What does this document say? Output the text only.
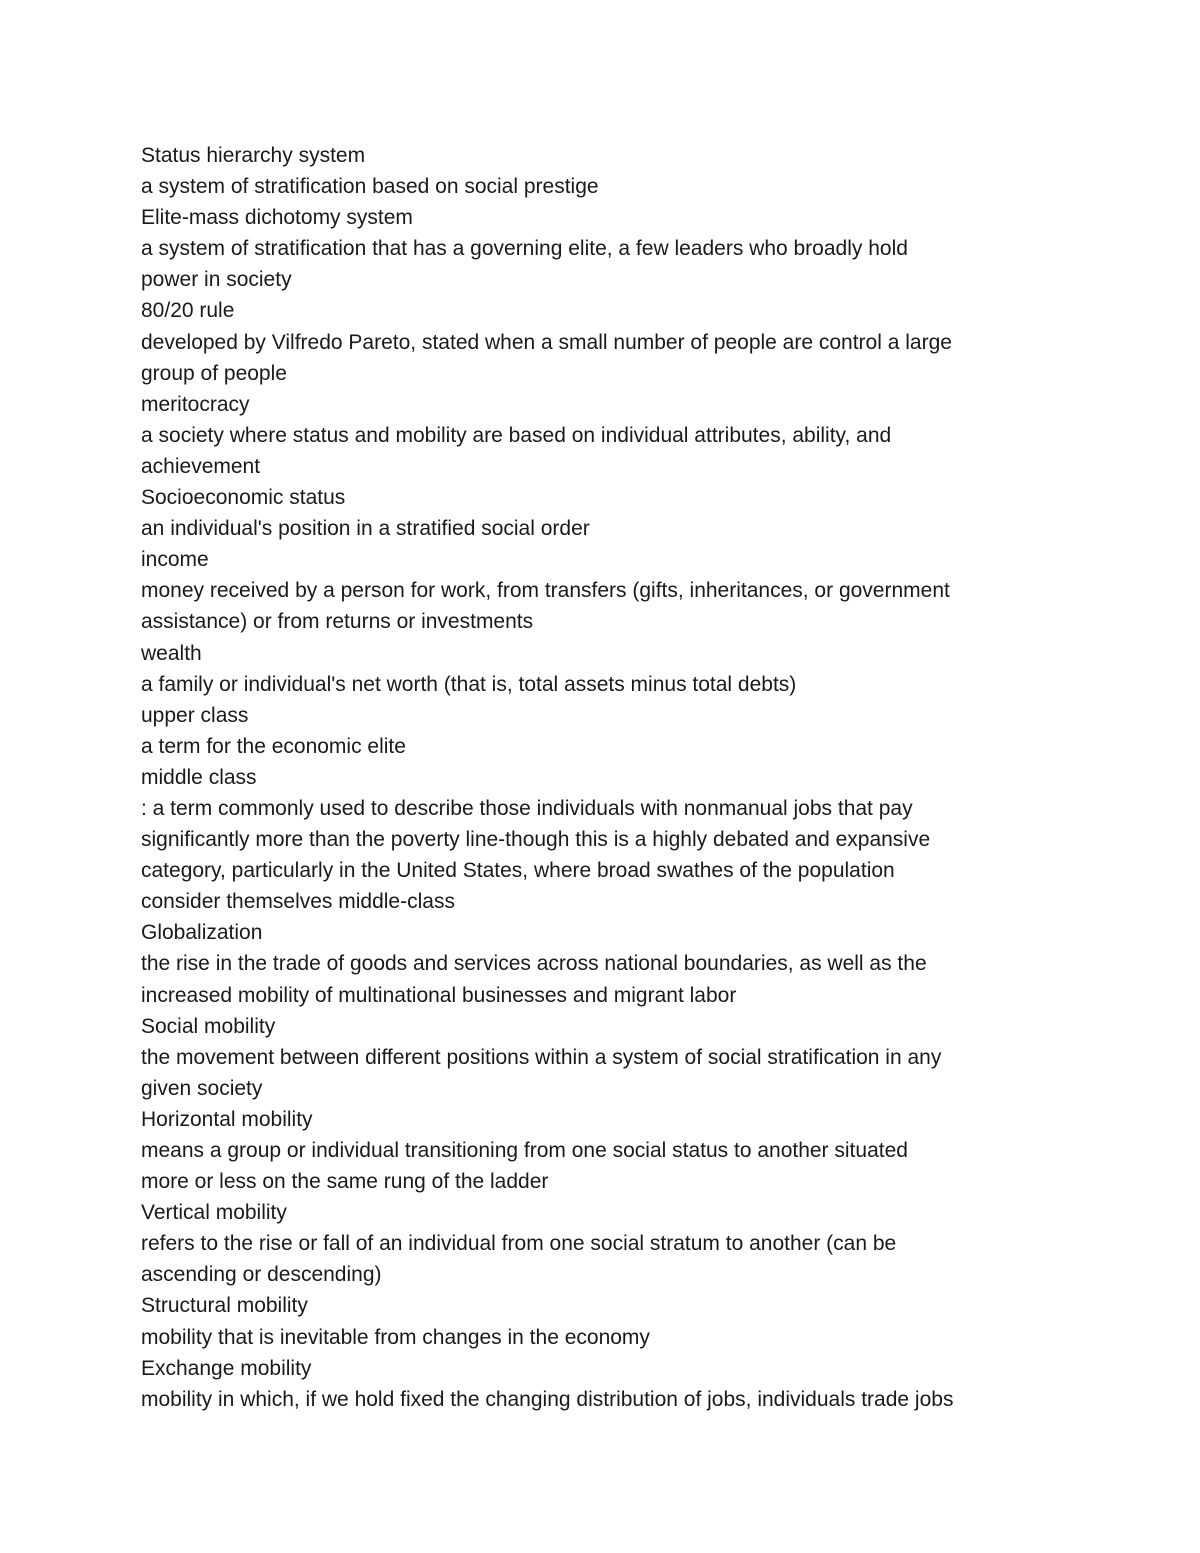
Status hierarchy system
a system of stratification based on social prestige
Elite-mass dichotomy system
a system of stratification that has a governing elite, a few leaders who broadly hold
power in society
80/20 rule
developed by Vilfredo Pareto, stated when a small number of people are control a large
group of people
meritocracy
a society where status and mobility are based on individual attributes, ability, and
achievement
Socioeconomic status
an individual's position in a stratified social order
income
money received by a person for work, from transfers (gifts, inheritances, or government
assistance) or from returns or investments
wealth
a family or individual's net worth (that is, total assets minus total debts)
upper class
a term for the economic elite
middle class
: a term commonly used to describe those individuals with nonmanual jobs that pay
significantly more than the poverty line-though this is a highly debated and expansive
category, particularly in the United States, where broad swathes of the population
consider themselves middle-class
Globalization
the rise in the trade of goods and services across national boundaries, as well as the
increased mobility of multinational businesses and migrant labor
Social mobility
the movement between different positions within a system of social stratification in any
given society
Horizontal mobility
means a group or individual transitioning from one social status to another situated
more or less on the same rung of the ladder
Vertical mobility
refers to the rise or fall of an individual from one social stratum to another (can be
ascending or descending)
Structural mobility
mobility that is inevitable from changes in the economy
Exchange mobility
mobility in which, if we hold fixed the changing distribution of jobs, individuals trade jobs
